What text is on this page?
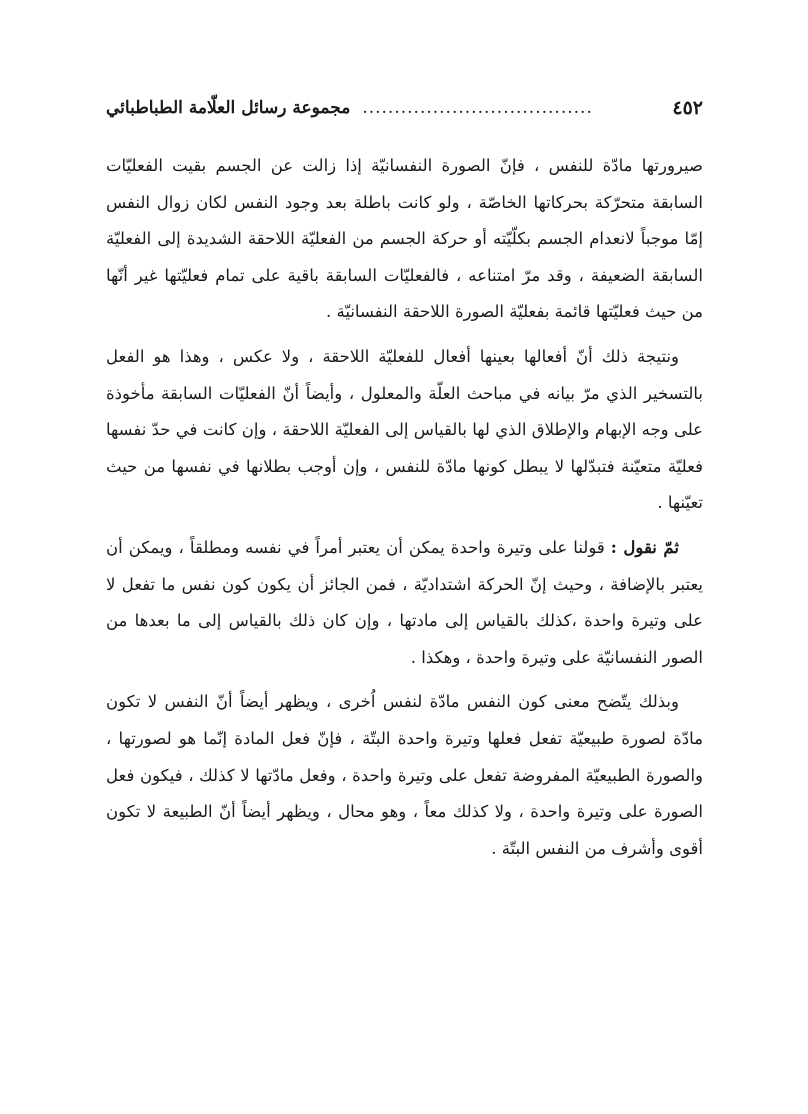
٤٥٢
....................................
مجموعة رسائل العلّامة الطباطبائي

صيرورتها مادّة للنفس ، فإنّ الصورة النفسانيّة إذا زالت عن الجسم بقيت الفعليّات السابقة متحرّكة بحركاتها الخاصّة ، ولو كانت باطلة بعد وجود النفس لكان زوال النفس إمّا موجباً لانعدام الجسم بكلّيّته أو حركة الجسم من الفعليّة اللاحقة الشديدة إلى الفعليّة السابقة الضعيفة ، وقد مرّ امتناعه ، فالفعليّات السابقة باقية على تمام فعليّتها غير أنّها من حيث فعليّتها قائمة بفعليّة الصورة اللاحقة النفسانيّة .

ونتيجة ذلك أنّ أفعالها بعينها أفعال للفعليّة اللاحقة ، ولا عكس ، وهذا هو الفعل بالتسخير الذي مرّ بيانه في مباحث العلّة والمعلول ، وأيضاً أنّ الفعليّات السابقة مأخوذة على وجه الإبهام والإطلاق الذي لها بالقياس إلى الفعليّة اللاحقة ، وإن كانت في حدّ نفسها فعليّة متعيّنة فتبدّلها لا يبطل كونها مادّة للنفس ، وإن أوجب بطلانها في نفسها من حيث تعيّنها .

ثمّ نقول : قولنا على وتيرة واحدة يمكن أن يعتبر أمراً في نفسه ومطلقاً ، ويمكن أن يعتبر بالإضافة ، وحيث إنّ الحركة اشتداديّة ، فمن الجائز أن يكون كون نفس ما تفعل لا على وتيرة واحدة ،كذلك بالقياس إلى مادتها ، وإن كان ذلك بالقياس إلى ما بعدها من الصور النفسانيّة على وتيرة واحدة ، وهكذا .

وبذلك يتّضح معنى كون النفس مادّة لنفس اُخرى ، ويظهر أيضاً أنّ النفس لا تكون مادّة لصورة طبيعيّة تفعل فعلها وتيرة واحدة البتّة ، فإنّ فعل المادة إنّما هو لصورتها ، والصورة الطبيعيّة المفروضة تفعل على وتيرة واحدة ، وفعل مادّتها لا كذلك ، فيكون فعل الصورة على وتيرة واحدة ، ولا كذلك معاً ، وهو محال ، ويظهر أيضاً أنّ الطبيعة لا تكون أقوى وأشرف من النفس البتّة .
